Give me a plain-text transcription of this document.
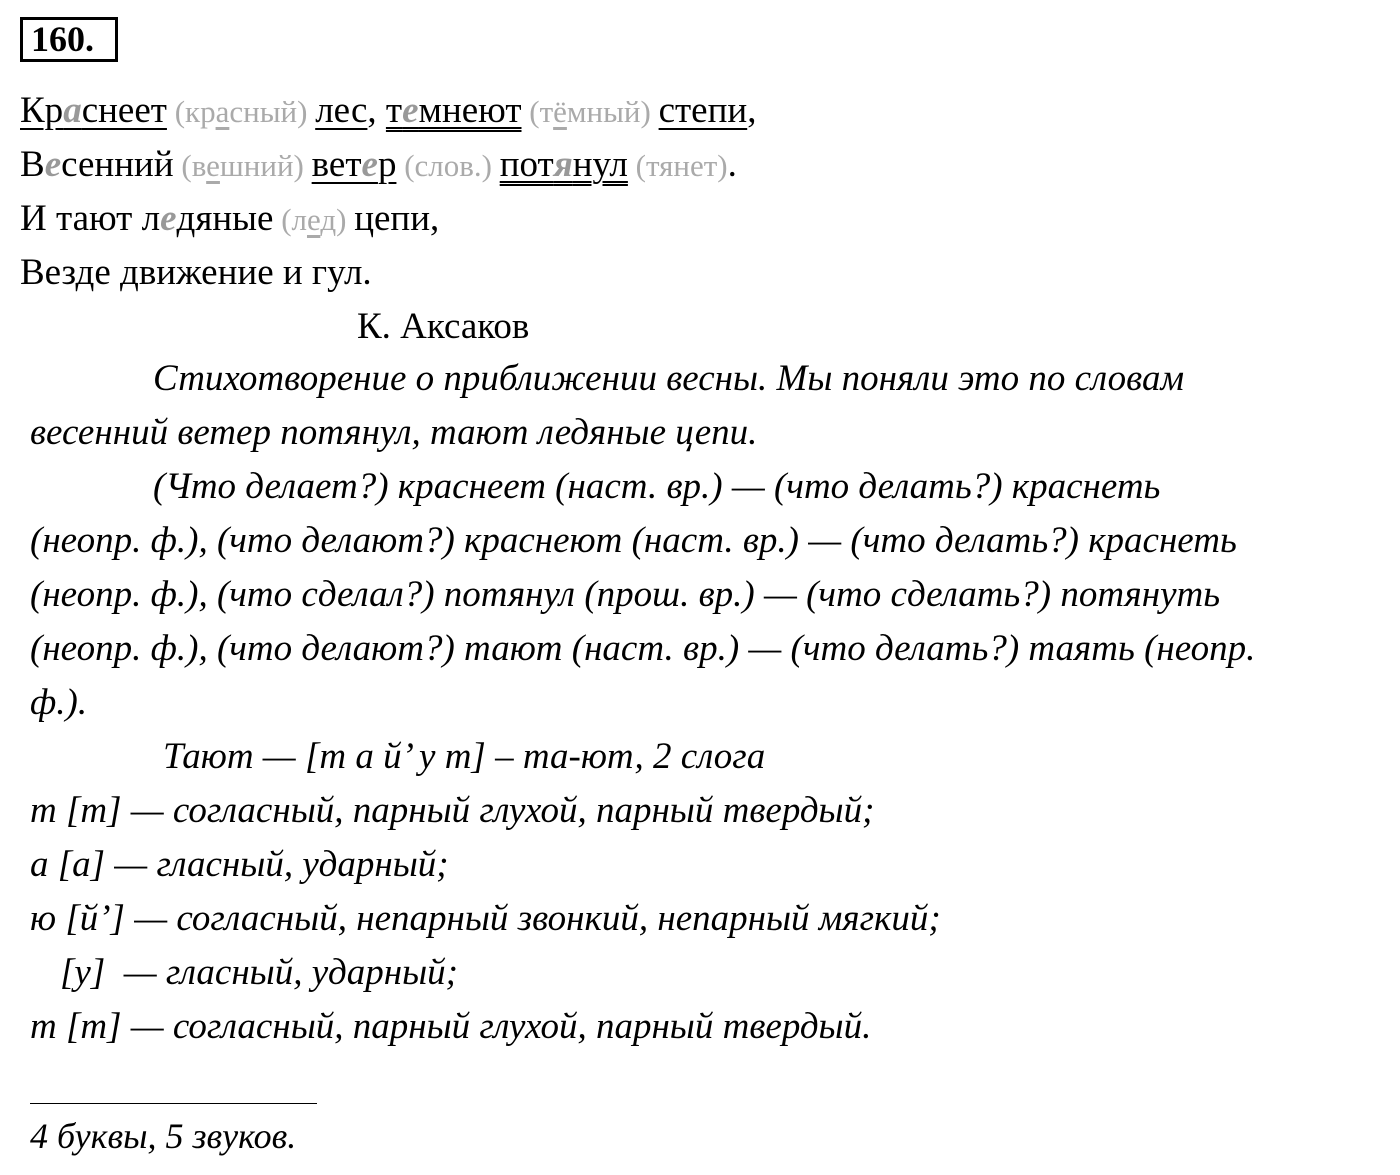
160.
Краснеет (красный) лес, темнеют (тёмный) степи,
Весенний (вешний) ветер (слов.) потянул (тянет).
И тают ледяные (лед) цепи,
Везде движение и гул.
К. Аксаков
Стихотворение о приближении весны. Мы поняли это по словам
весенний ветер потянул, тают ледяные цепи.
(Что делает?) краснеет (наст. вр.) — (что делать?) краснеть
(неопр. ф.), (что делают?) краснеют (наст. вр.) — (что делать?) краснеть
(неопр. ф.), (что сделал?) потянул (прош. вр.) — (что сделать?) потянуть
(неопр. ф.), (что делают?) тают (наст. вр.) — (что делать?) таять (неопр.
ф.).
Тают — [т а й’ у т] – та-ют, 2 слога
т [т] — согласный, парный глухой, парный твердый;
а [а] — гласный, ударный;
ю [й’] — согласный, непарный звонкий, непарный мягкий;
[у]  — гласный, ударный;
т [т] — согласный, парный глухой, парный твердый.
4 буквы, 5 звуков.
